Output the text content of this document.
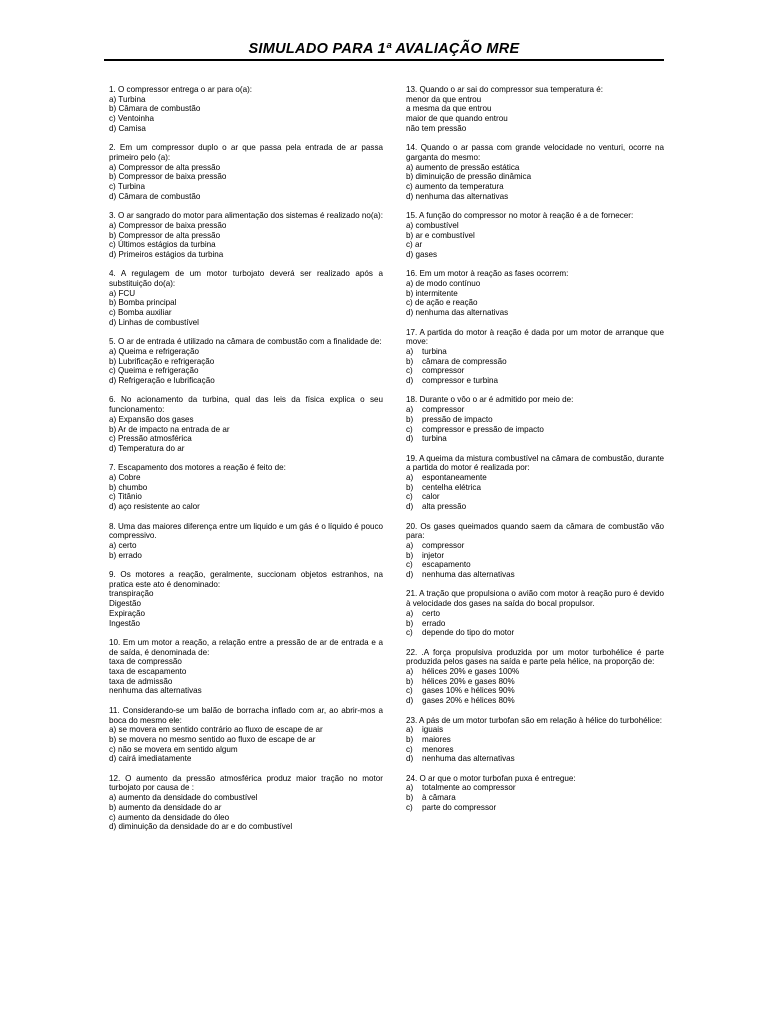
SIMULADO PARA 1ª AVALIAÇÃO MRE

1. O compressor entrega o ar para o(a):

a) Turbina

b) Câmara de combustão

c) Ventoinha

d) Camisa

2. Em um compressor duplo o ar que passa pela entrada de ar passa primeiro pelo (a):

a) Compressor de alta pressão

b) Compressor de baixa pressão

c) Turbina

d) Câmara de combustão

3. O ar sangrado do motor para alimentação dos sistemas é realizado no(a):

a) Compressor de baixa pressão

b) Compressor de alta pressão

c) Últimos estágios da turbina

d) Primeiros estágios da turbina

4. A regulagem de um motor turbojato deverá ser realizado após a substituição do(a):

a) FCU

b) Bomba principal

c) Bomba auxiliar

d) Linhas de combustível

5. O ar de entrada é utilizado na câmara de combustão com a finalidade de:

a) Queima e refrigeração

b) Lubrificação e refrigeração

c) Queima e refrigeração

d) Refrigeração e lubrificação

6. No acionamento da turbina, qual das leis da física explica o seu funcionamento:

a) Expansão dos gases

b) Ar de impacto na entrada de ar

c) Pressão atmosférica

d) Temperatura do ar

7. Escapamento dos motores a reação é feito de:

a) Cobre

b) chumbo

c) Titânio

d) aço resistente ao calor

8. Uma das maiores diferença entre um liquido e um gás é o líquido é pouco compressivo.

a) certo

b) errado

9. Os motores a reação, geralmente, succionam objetos estranhos, na pratica este ato é denominado:

transpiração

Digestão

Expiração

Ingestão

10. Em um motor a reação, a relação entre a pressão de ar de entrada e a de saída, é denominada de:

taxa de compressão

taxa de escapamento

taxa de admissão

nenhuma das alternativas

11. Considerando-se um balão de borracha inflado com ar, ao abrir-mos a boca do mesmo ele:

a) se movera em sentido contrário ao fluxo de escape de ar

b) se movera no mesmo sentido ao fluxo de escape de ar

c) não se movera em sentido algum

d) cairá imediatamente

12. O aumento da pressão atmosférica produz maior tração no motor turbojato por causa de :

a) aumento da densidade do combustível

b) aumento da densidade do ar

c) aumento da densidade do óleo

d) diminuição da densidade do ar e do combustível

13. Quando o ar sai do compressor sua temperatura é:

menor da que entrou

a mesma da que entrou

maior de que quando entrou

não tem pressão

14. Quando o ar passa com grande velocidade no venturi, ocorre na garganta do mesmo:

a) aumento de pressão estática

b) diminuição de pressão dinâmica

c) aumento da temperatura

d) nenhuma das alternativas

15. A função do compressor no motor à reação é a de fornecer:

a) combustível

b) ar e combustível

c) ar

d) gases

16. Em um motor à reação as fases ocorrem:

a) de modo contínuo

b) intermitente

c) de ação e reação

d) nenhuma das alternativas

17. A partida do motor à reação é dada por um motor de arranque que move:

a) turbina

b) câmara de compressão

c) compressor

d) compressor e turbina

18. Durante o vôo o ar é admitido por meio de:

a) compressor

b) pressão de impacto

c) compressor e pressão de impacto

d) turbina

19. A queima da mistura combustível na câmara de combustão, durante a partida do motor é realizada por:

a) espontaneamente

b) centelha elétrica

c) calor

d) alta pressão

20. Os gases queimados quando saem da câmara de combustão vão para:

a) compressor

b) injetor

c) escapamento

d) nenhuma das alternativas

21. A tração que propulsiona o avião com motor à reação puro é devido à velocidade dos gases na saída do bocal propulsor.

a) certo

b) errado

c) depende do tipo do motor

22. .A força propulsiva produzida por um motor turbohélice é parte produzida pelos gases na saída e parte pela hélice, na proporção de:

a) hélices 20% e gases 100%

b) hélices 20% e gases 80%

c) gases 10% e hélices 90%

d) gases 20% e hélices 80%

23. A pás de um motor turbofan são em relação à hélice do turbohélice:

a) iguais

b) maiores

c) menores

d) nenhuma das alternativas

24. O ar que o motor turbofan puxa é entregue:

a) totalmente ao compressor

b) à câmara

c) parte do compressor
